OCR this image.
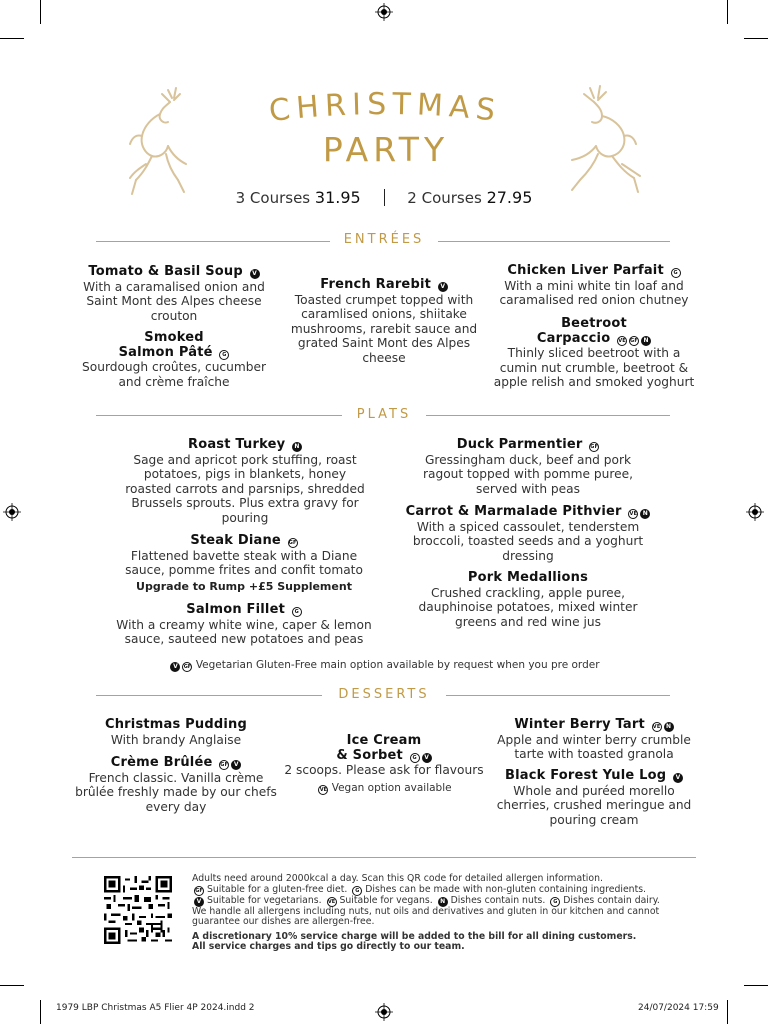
CHRISTMAS
PARTY
3 Courses 31.95	2 Courses 27.95
ENTRÉES
Tomato & Basil Soup V
With a caramalised onion and Saint Mont des Alpes cheese crouton
Smoked
Salmon Pâté G
Sourdough croûtes, cucumber and crème fraîche
French Rarebit V
Toasted crumpet topped with caramlised onions, shiitake mushrooms, rarebit sauce and grated Saint Mont des Alpes cheese
Chicken Liver Parfait G
With a mini white tin loaf and caramalised red onion chutney
Beetroot
Carpaccio VE GF N
Thinly sliced beetroot with a cumin nut crumble, beetroot & apple relish and smoked yoghurt
PLATS
Roast Turkey N
Sage and apricot pork stuffing, roast potatoes, pigs in blankets, honey roasted carrots and parsnips, shredded Brussels sprouts. Plus extra gravy for pouring
Steak Diane GF
Flattened bavette steak with a Diane sauce, pomme frites and confit tomato
Upgrade to Rump +£5 Supplement
Salmon Fillet G
With a creamy white wine, caper & lemon sauce, sauteed new potatoes and peas
Duck Parmentier GF
Gressingham duck, beef and pork ragout topped with pomme puree, served with peas
Carrot & Marmalade Pithvier VE N
With a spiced cassoulet, tenderstem broccoli, toasted seeds and a yoghurt dressing
Pork Medallions
Crushed crackling, apple puree, dauphinoise potatoes, mixed winter greens and red wine jus
V GF Vegetarian Gluten-Free main option available by request when you pre order
DESSERTS
Christmas Pudding
With brandy Anglaise
Crème Brûlée GF V
French classic. Vanilla crème brûlée freshly made by our chefs every day
Ice Cream
& Sorbet G V
2 scoops. Please ask for flavours
VE Vegan option available
Winter Berry Tart VE N
Apple and winter berry crumble tarte with toasted granola
Black Forest Yule Log V
Whole and puréed morello cherries, crushed meringue and pouring cream
Adults need around 2000kcal a day. Scan this QR code for detailed allergen information.
GF Suitable for a gluten-free diet. G Dishes can be made with non-gluten containing ingredients.
V Suitable for vegetarians. VE Suitable for vegans. N Dishes contain nuts. G Dishes contain dairy.
We handle all allergens including nuts, nut oils and derivatives and gluten in our kitchen and cannot guarantee our dishes are allergen-free.
A discretionary 10% service charge will be added to the bill for all dining customers.
All service charges and tips go directly to our team.
1979 LBP Christmas A5 Flier 4P 2024.indd 2	24/07/2024 17:59
